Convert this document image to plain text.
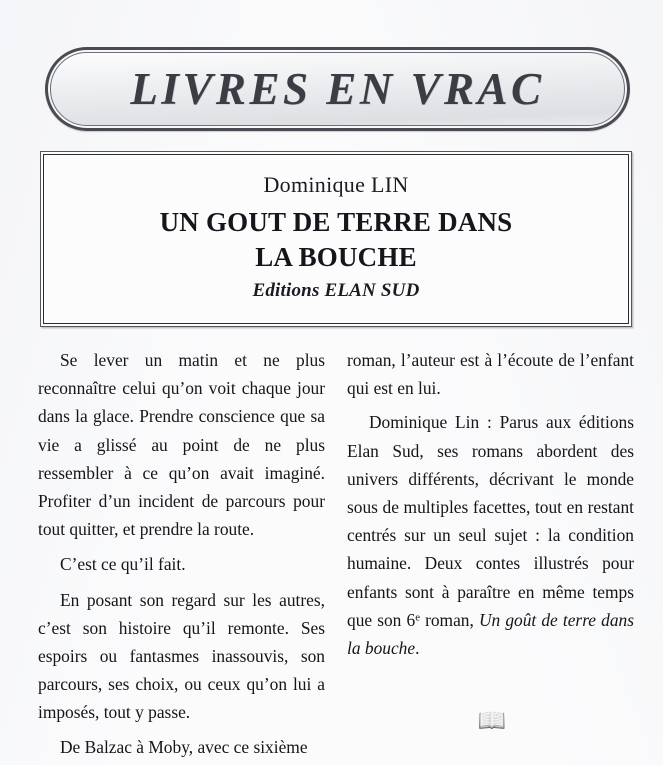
LIVRES EN VRAC
Dominique LIN
UN GOUT DE TERRE DANS
LA BOUCHE
Editions ELAN SUD

Se lever un matin et ne plus reconnaître celui qu’on voit chaque jour dans la glace. Prendre conscience que sa vie a glissé au point de ne plus ressembler à ce qu’on avait imaginé. Profiter d’un incident de parcours pour tout quitter, et prendre la route.

C’est ce qu’il fait.

En posant son regard sur les autres, c’est son histoire qu’il remonte. Ses espoirs ou fantasmes inassouvis, son parcours, ses choix, ou ceux qu’on lui a imposés, tout y passe.

De Balzac à Moby, avec ce sixième

roman, l’auteur est à l’écoute de l’enfant qui est en lui.

Dominique Lin : Parus aux éditions Elan Sud, ses romans abordent des univers différents, décrivant le monde sous de multiples facettes, tout en restant centrés sur un seul sujet : la condition humaine. Deux contes illustrés pour enfants sont à paraître en même temps que son 6e roman, Un goût de terre dans la bouche.

📖
